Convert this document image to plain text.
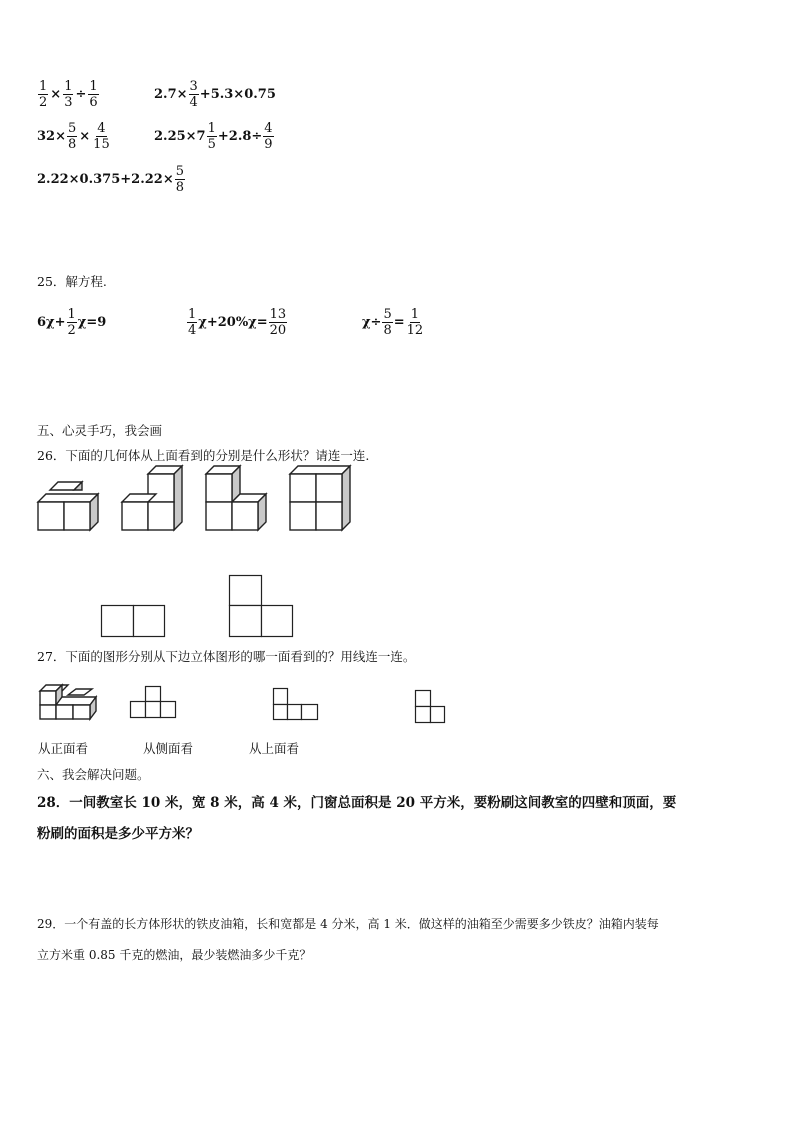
$\frac{1}{2} \times \frac{1}{3} \div \frac{1}{6}$	$2.7\times \frac{3}{4} +5.3\times 0.75$
$32\times \frac{5}{8} \times \frac{4}{15}$	$2.25\times 7 \frac{1}{5} +2.8\div \frac{4}{9}$
$2.22\times 0.375+2.22\times \frac{5}{8}$
25．解方程.
$6\chi+ \frac{1}{2} \chi=9$	$\frac{1}{4} \chi+20\%\chi= \frac{13}{20}$	$\chi\div \frac{5}{8} = \frac{1}{12}$
五、心灵手巧，我会画
26．下面的几何体从上面看到的分别是什么形状？请连一连.
27．下面的图形分别从下边立体图形的哪一面看到的？用线连一连。
从正面看	从侧面看	从上面看
六、我会解决问题。
28．一间教室长 10 米，宽 8 米，高 4 米，门窗总面积是 20 平方米，要粉刷这间教室的四壁和顶面，要
粉刷的面积是多少平方米？
29．一个有盖的长方体形状的铁皮油箱，长和宽都是 4 分米，高 1 米．做这样的油箱至少需要多少铁皮？油箱内装每
立方米重 0.85 千克的燃油，最少装燃油多少千克？
